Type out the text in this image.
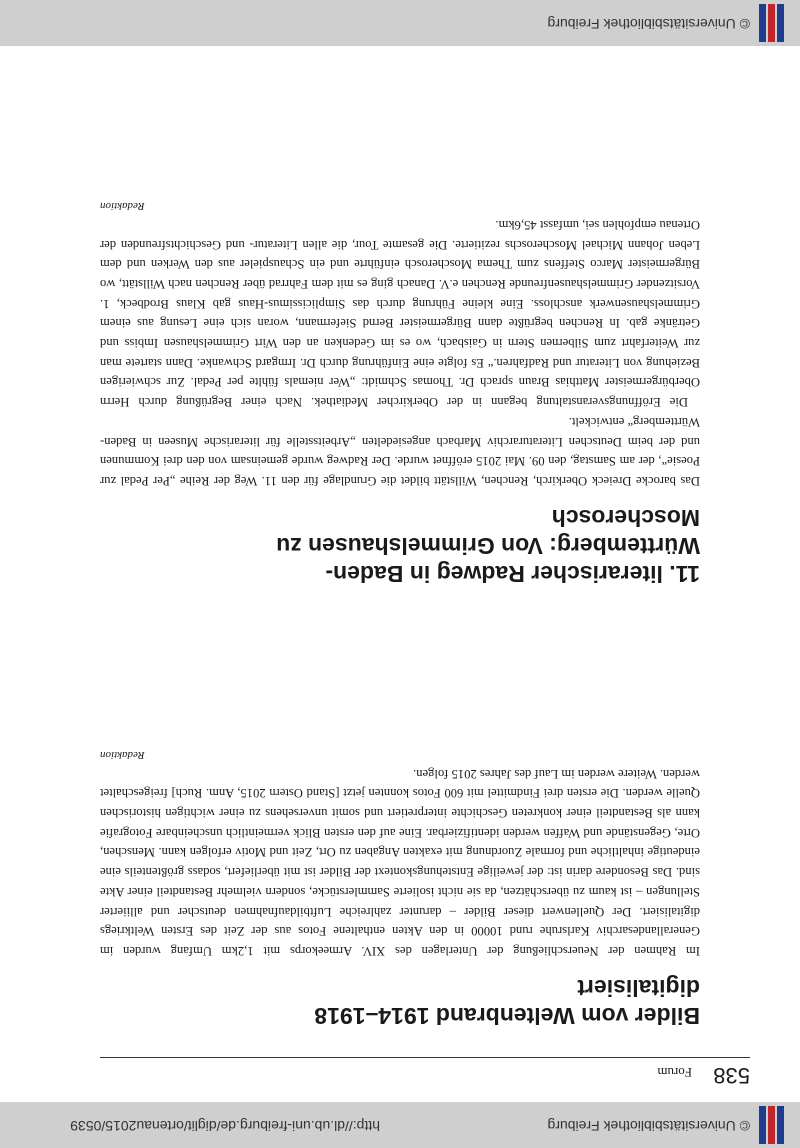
© Universitätsbibliothek Freiburg
http://dl.ub.uni-freiburg.de/diglit/ortenau2015/0539
538
Forum
Bilder vom Weltenbrand 1914–1918 digitalisiert

Im Rahmen der Neuerschließung der Unterlagen des XIV. Armeekorps mit 1,2km Umfang wurden im Generallandesarchiv Karlsruhe rund 10000 in den Akten enthaltene Fotos aus der Zeit des Ersten Weltkriegs digitalisiert. Der Quellenwert dieser Bilder – darunter zahlreiche Luftbildaufnahmen deutscher und alliierter Stellungen – ist kaum zu überschätzen, da sie nicht isolierte Sammlerstücke, sondern vielmehr Bestandteil einer Akte sind. Das Besondere darin ist: der jeweilige Entstehungskontext der Bilder ist mit überliefert, sodass größtenteils eine eindeutige inhaltliche und formale Zuordnung mit exakten Angaben zu Ort, Zeit und Motiv erfolgen kann. Menschen, Orte, Gegenstände und Waffen werden identifizierbar. Eine auf den ersten Blick vermeintlich unscheinbare Fotografie kann als Bestandteil einer konkreten Geschichte interpretiert und somit unversehens zu einer wichtigen historischen Quelle werden. Die ersten drei Findmittel mit 600 Fotos konnten jetzt [Stand Ostern 2015, Anm. Ruch] freigeschaltet werden. Weitere werden im Lauf des Jahres 2015 folgen.

Redaktion
11. literarischer Radweg in Baden-Württemberg: Von Grimmelshausen zu Moscherosch

Das barocke Dreieck Oberkirch, Renchen, Willstätt bildet die Grundlage für den 11. Weg der Reihe „Per Pedal zur Poesie“, der am Samstag, den 09. Mai 2015 eröffnet wurde. Der Radweg wurde gemeinsam von den drei Kommunen und der beim Deutschen Literaturarchiv Marbach angesiedelten „Arbeitsstelle für literarische Museen in Baden-Württemberg“ entwickelt.

Die Eröffnungsveranstaltung begann in der Oberkircher Mediathek. Nach einer Begrüßung durch Herrn Oberbürgermeister Matthias Braun sprach Dr. Thomas Schmidt: „Wer niemals fühlte per Pedal. Zur schwierigen Beziehung von Literatur und Radfahren.“ Es folgte eine Einführung durch Dr. Irmgard Schwanke. Dann startete man zur Weiterfahrt zum Silbernen Stern in Gaisbach, wo es im Gedenken an den Wirt Grimmelshausen Imbiss und Getränke gab. In Renchen begrüßte dann Bürgermeister Bernd Siefermann, woran sich eine Lesung aus einem Grimmelshausenwerk anschloss. Eine kleine Führung durch das Simplicissimus-Haus gab Klaus Brodbeck, 1. Vorsitzender Grimmelshausenfreunde Renchen e.V. Danach ging es mit dem Fahrrad über Renchen nach Willstätt, wo Bürgermeister Marco Steffens zum Thema Moscherosch einführte und ein Schauspieler aus den Werken und dem Leben Johann Michael Moscheroschs rezitierte. Die gesamte Tour, die allen Literatur- und Geschichtsfreunden der Ortenau empfohlen sei, umfasst 45,6km.

Redaktion
© Universitätsbibliothek Freiburg
